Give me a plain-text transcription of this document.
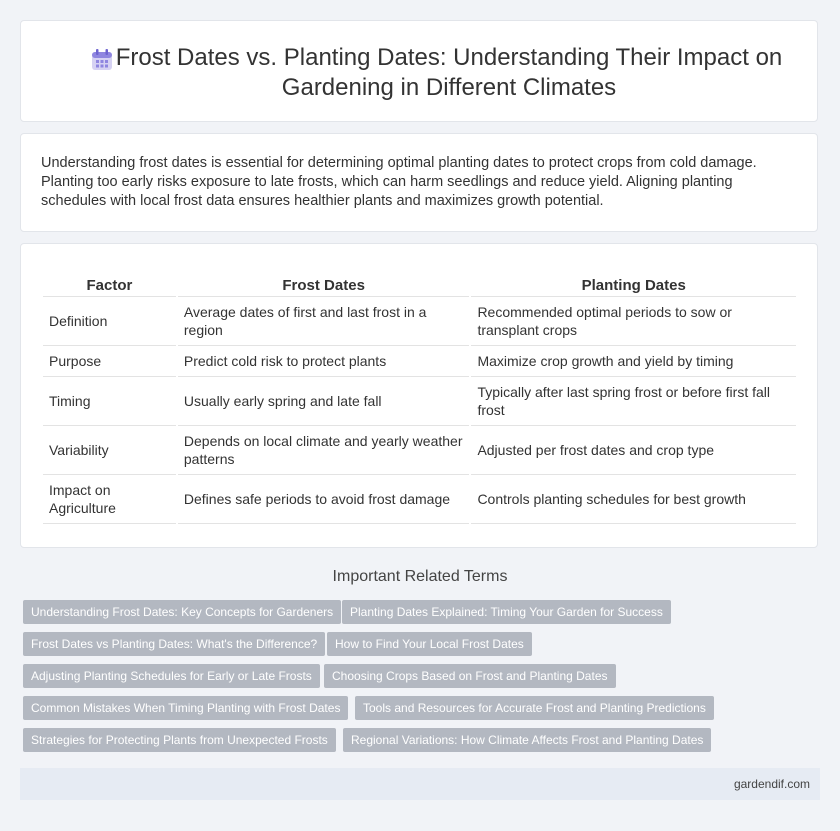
Frost Dates vs. Planting Dates: Understanding Their Impact on Gardening in Different Climates

Understanding frost dates is essential for determining optimal planting dates to protect crops from cold damage. Planting too early risks exposure to late frosts, which can harm seedlings and reduce yield. Aligning planting schedules with local frost data ensures healthier plants and maximizes growth potential.

Factor	Frost Dates	Planting Dates
Definition	Average dates of first and last frost in a region	Recommended optimal periods to sow or transplant crops
Purpose	Predict cold risk to protect plants	Maximize crop growth and yield by timing
Timing	Usually early spring and late fall	Typically after last spring frost or before first fall frost
Variability	Depends on local climate and yearly weather patterns	Adjusted per frost dates and crop type
Impact on Agriculture	Defines safe periods to avoid frost damage	Controls planting schedules for best growth
Important Related Terms
Understanding Frost Dates: Key Concepts for Gardeners	Planting Dates Explained: Timing Your Garden for Success
Frost Dates vs Planting Dates: What's the Difference?	How to Find Your Local Frost Dates
Adjusting Planting Schedules for Early or Late Frosts	Choosing Crops Based on Frost and Planting Dates
Common Mistakes When Timing Planting with Frost Dates	Tools and Resources for Accurate Frost and Planting Predictions
Strategies for Protecting Plants from Unexpected Frosts	Regional Variations: How Climate Affects Frost and Planting Dates
gardendif.com
